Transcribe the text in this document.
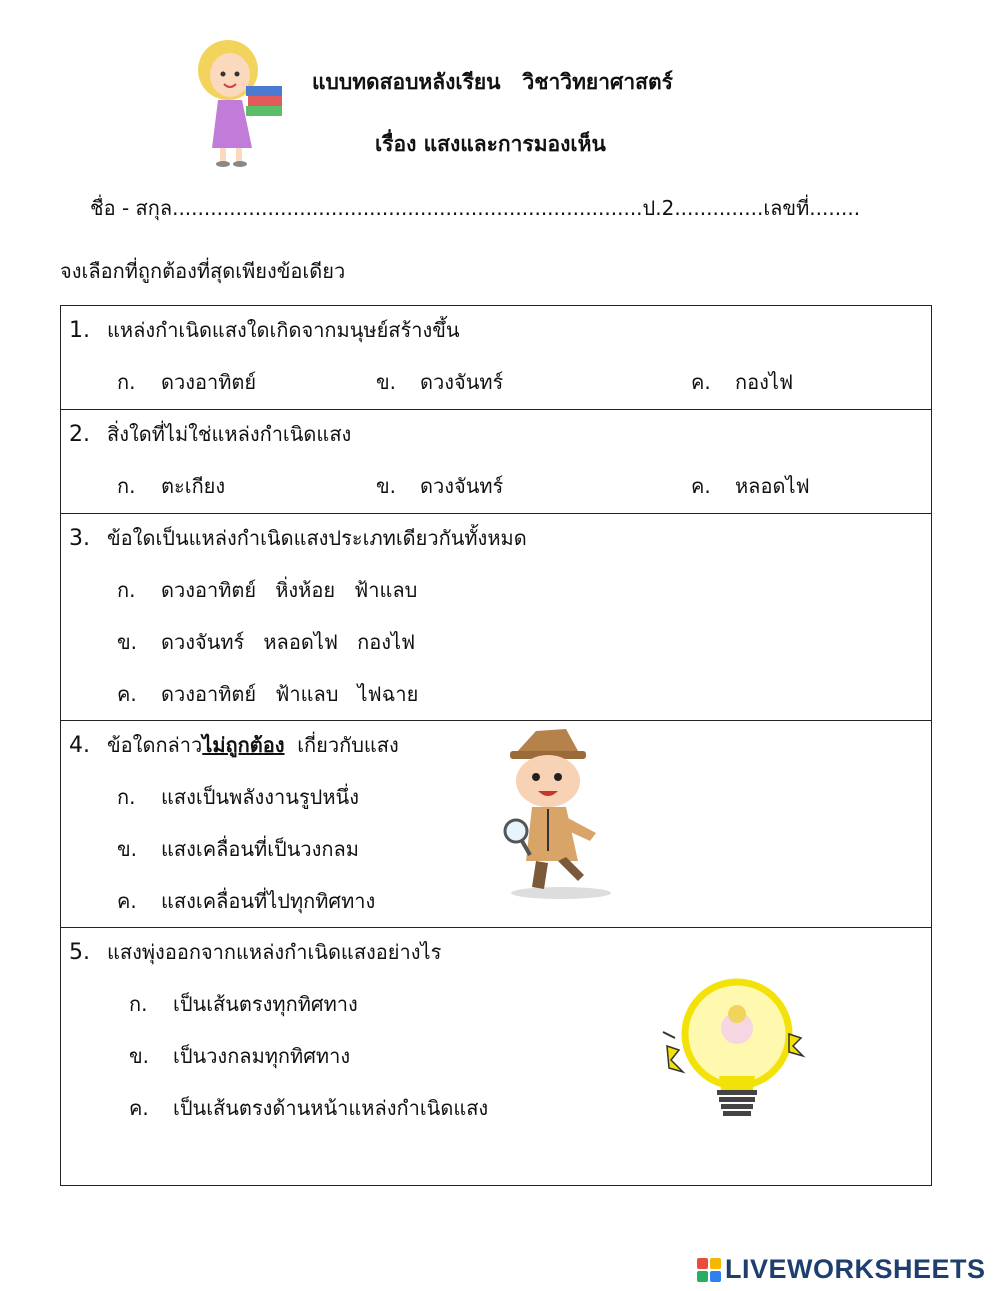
แบบทดสอบหลังเรียน   วิชาวิทยาศาสตร์
เรื่อง แสงและการมองเห็น
ชื่อ - สกุล..........................................................................ป.2..............เลขที่........
จงเลือกที่ถูกต้องที่สุดเพียงข้อเดียว
1. แหล่งกำเนิดแสงใดเกิดจากมนุษย์สร้างขึ้น
ก. ดวงอาทิตย์	ข. ดวงจันทร์	ค. กองไฟ
2. สิ่งใดที่ไม่ใช่แหล่งกำเนิดแสง
ก. ตะเกียง	ข. ดวงจันทร์	ค. หลอดไฟ
3. ข้อใดเป็นแหล่งกำเนิดแสงประเภทเดียวกันทั้งหมด
ก. ดวงอาทิตย์   หิ่งห้อย   ฟ้าแลบ
ข. ดวงจันทร์   หลอดไฟ   กองไฟ
ค. ดวงอาทิตย์   ฟ้าแลบ   ไฟฉาย
4. ข้อใดกล่าวไม่ถูกต้อง  เกี่ยวกับแสง
ก. แสงเป็นพลังงานรูปหนึ่ง
ข. แสงเคลื่อนที่เป็นวงกลม
ค. แสงเคลื่อนที่ไปทุกทิศทาง
5. แสงพุ่งออกจากแหล่งกำเนิดแสงอย่างไร
ก. เป็นเส้นตรงทุกทิศทาง
ข. เป็นวงกลมทุกทิศทาง
ค. เป็นเส้นตรงด้านหน้าแหล่งกำเนิดแสง
LIVEWORKSHEETS
